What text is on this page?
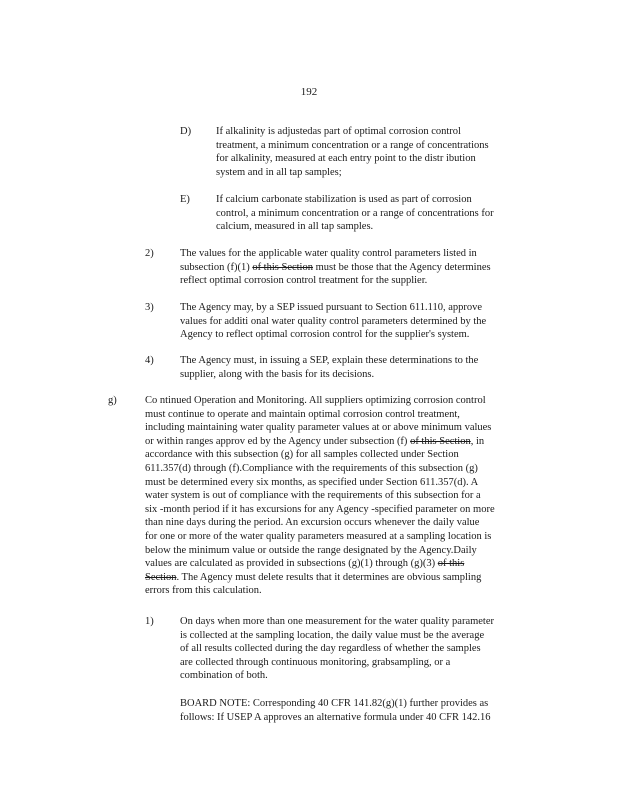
192
D) If alkalinity is adjustedas part of optimal corrosion control
treatment, a minimum concentration or a range of concentrations
for alkalinity, measured at each entry point to the distr ibution
system and in all tap samples;
E) If calcium carbonate stabilization is used as part of corrosion
control, a minimum concentration or a range of concentrations for
calcium, measured in all tap samples.
2)	The values for the applicable water quality control parameters listed in
subsection (f)(1) of this Section must be those that the Agency determines
reflect optimal corrosion control treatment for the supplier.
3)	The Agency may, by a SEP issued pursuant to Section 611.110, approve
values for additi onal water quality control parameters determined by the
Agency to reflect optimal corrosion control for the supplier's system.
4)	The Agency must, in issuing a SEP, explain these determinations to the
supplier, along with the basis for its decisions.
g)	Co ntinued Operation and Monitoring. All suppliers optimizing corrosion control
must continue to operate and maintain optimal corrosion control treatment,
including maintaining water quality parameter values at or above minimum values
or within ranges approv ed by the Agency under subsection (f) of this Section, in
accordance with this subsection (g) for all samples collected under Section
611.357(d) through (f).Compliance with the requirements of this subsection (g)
must be determined every six months, as specified under Section 611.357(d). A
water system is out of compliance with the requirements of this subsection for a
six -month period if it has excursions for any Agency -specified parameter on more
than nine days during the period. An excursion occurs whenever the daily value
for one or more of the water quality parameters measured at a sampling location is
below the minimum value or outside the range designated by the Agency.Daily
values are calculated as provided in subsections (g)(1) through (g)(3) of this
Section. The Agency must delete results that it determines are obvious sampling
errors from this calculation.
1)	On days when more than one measurement for the water quality parameter
is collected at the sampling location, the daily value must be the average
of all results collected during the day regardless of whether the samples
are collected through continuous monitoring, grabsampling, or a
combination of both.
BOARD NOTE: Corresponding 40 CFR 141.82(g)(1) further provides as
follows: If USEP A approves an alternative formula under 40 CFR 142.16
